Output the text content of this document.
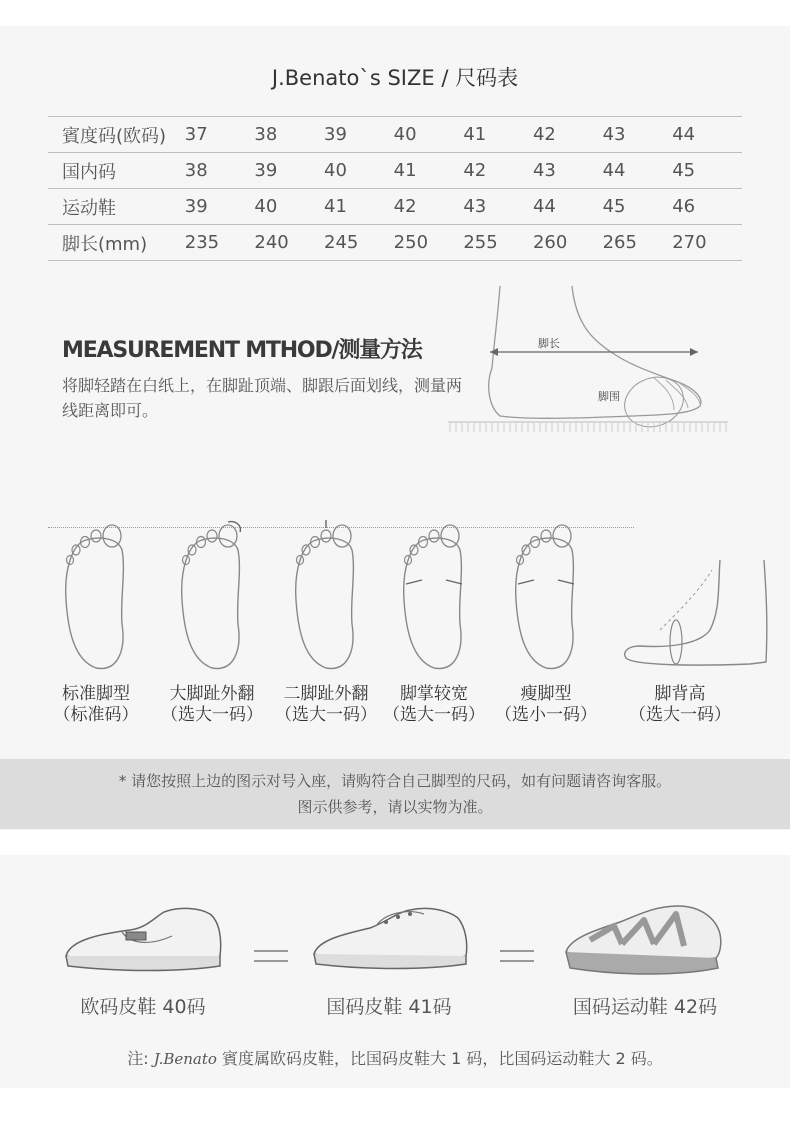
J.Benato`s SIZE / 尺码表
賓度码(欧码)	37	38	39	40	41	42	43	44
国内码	38	39	40	41	42	43	44	45
运动鞋	39	40	41	42	43	44	45	46
脚长(mm)	235	240	245	250	255	260	265	270
MEASUREMENT MTHOD/测量方法
将脚轻踏在白纸上，在脚趾顶端、脚跟后面划线，测量两线距离即可。
脚长
脚围
标准脚型
（标准码）
大脚趾外翻
（选大一码）
二脚趾外翻
（选大一码）
脚掌较宽
（选大一码）
瘦脚型
（选小一码）
脚背高
（选大一码）
* 请您按照上边的图示对号入座，请购符合自己脚型的尺码，如有问题请咨询客服。
图示供参考，请以实物为准。
欧码皮鞋 40码	国码皮鞋 41码	国码运动鞋 42码
注: J.Benato 賓度属欧码皮鞋，比国码皮鞋大 1 码，比国码运动鞋大 2 码。
